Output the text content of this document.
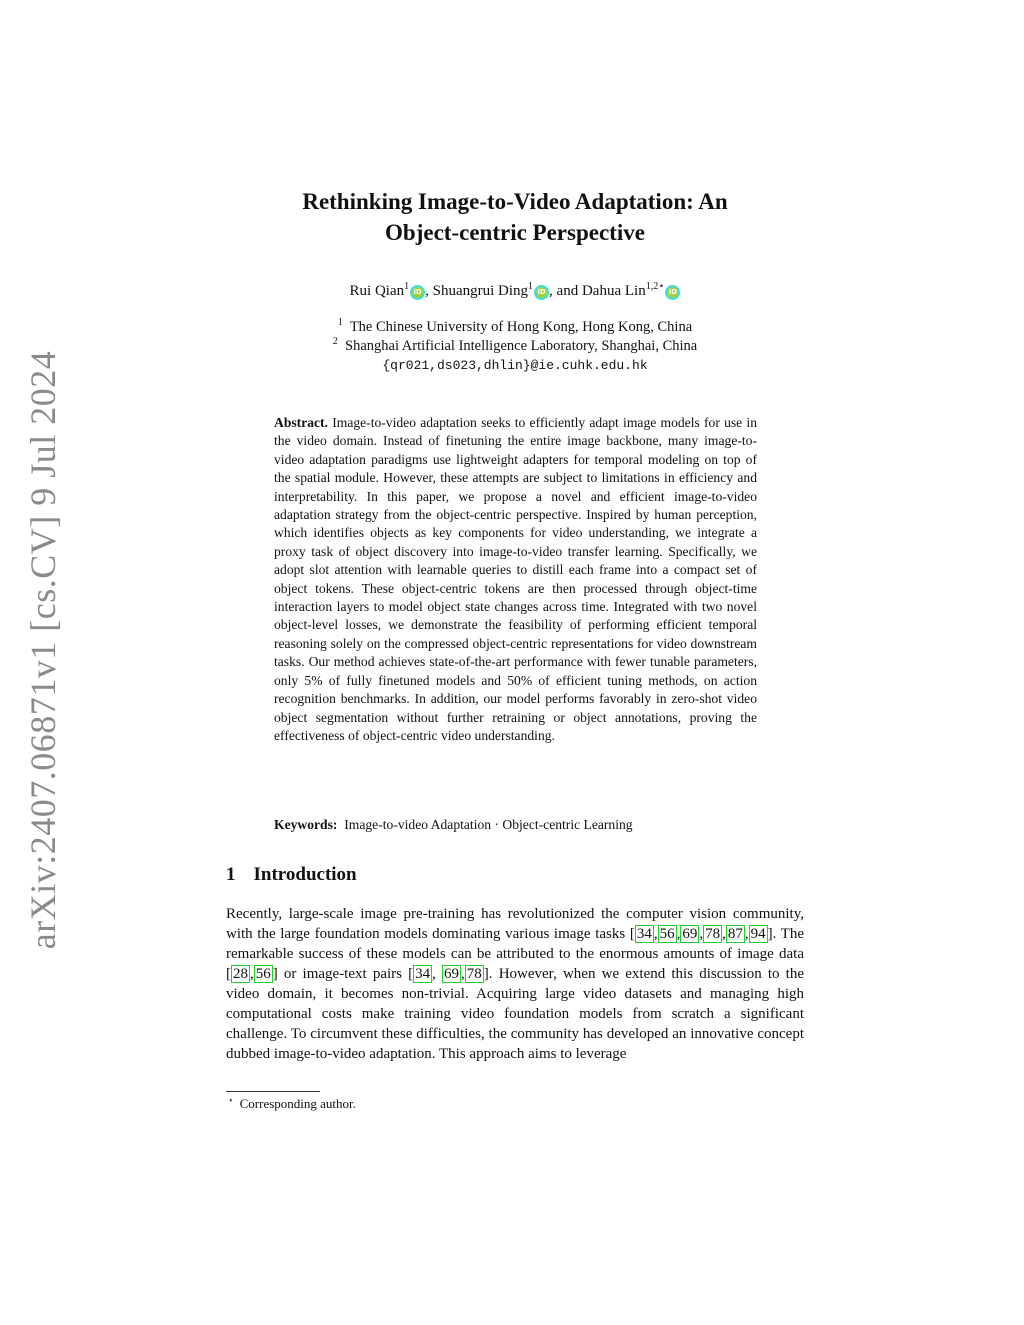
arXiv:2407.06871v1 [cs.CV] 9 Jul 2024
Rethinking Image-to-Video Adaptation: An
Object-centric Perspective
Rui Qian$^1$ iD , Shuangrui Ding$^1$ iD , and Dahua Lin$^{1,2⋆}$ iD
$^1$ The Chinese University of Hong Kong, Hong Kong, China
$^2$ Shanghai Artificial Intelligence Laboratory, Shanghai, China
{qr021,ds023,dhlin}@ie.cuhk.edu.hk
Abstract. Image-to-video adaptation seeks to efficiently adapt image models for use in the video domain. Instead of finetuning the entire image backbone, many image-to-video adaptation paradigms use lightweight adapters for temporal modeling on top of the spatial module. However, these attempts are subject to limitations in efficiency and interpretability. In this paper, we propose a novel and efficient image-to-video adaptation strategy from the object-centric perspective. Inspired by human perception, which identifies objects as key components for video understanding, we integrate a proxy task of object discovery into image-to-video transfer learning. Specifically, we adopt slot attention with learnable queries to distill each frame into a compact set of object tokens. These object-centric tokens are then processed through object-time interaction layers to model object state changes across time. Integrated with two novel object-level losses, we demonstrate the feasibility of performing efficient temporal reasoning solely on the compressed object-centric representations for video downstream tasks. Our method achieves state-of-the-art performance with fewer tunable parameters, only 5% of fully finetuned models and 50% of efficient tuning methods, on action recognition benchmarks. In addition, our model performs favorably in zero-shot video object segmentation without further retraining or object annotations, proving the effectiveness of object-centric video understanding.
Keywords: Image-to-video Adaptation · Object-centric Learning
1 Introduction

Recently, large-scale image pre-training has revolutionized the computer vision community, with the large foundation models dominating various image tasks [ 34 , 56 , 69 , 78 , 87 , 94 ]. The remarkable success of these models can be attributed to the enormous amounts of image data [ 28 , 56 ] or image-text pairs [ 34 , 69 , 78 ]. However, when we extend this discussion to the video domain, it becomes non-trivial. Acquiring large video datasets and managing high computational costs make training video foundation models from scratch a significant challenge. To circumvent these difficulties, the community has developed an innovative concept dubbed image-to-video adaptation. This approach aims to leverage

⋆ Corresponding author.
